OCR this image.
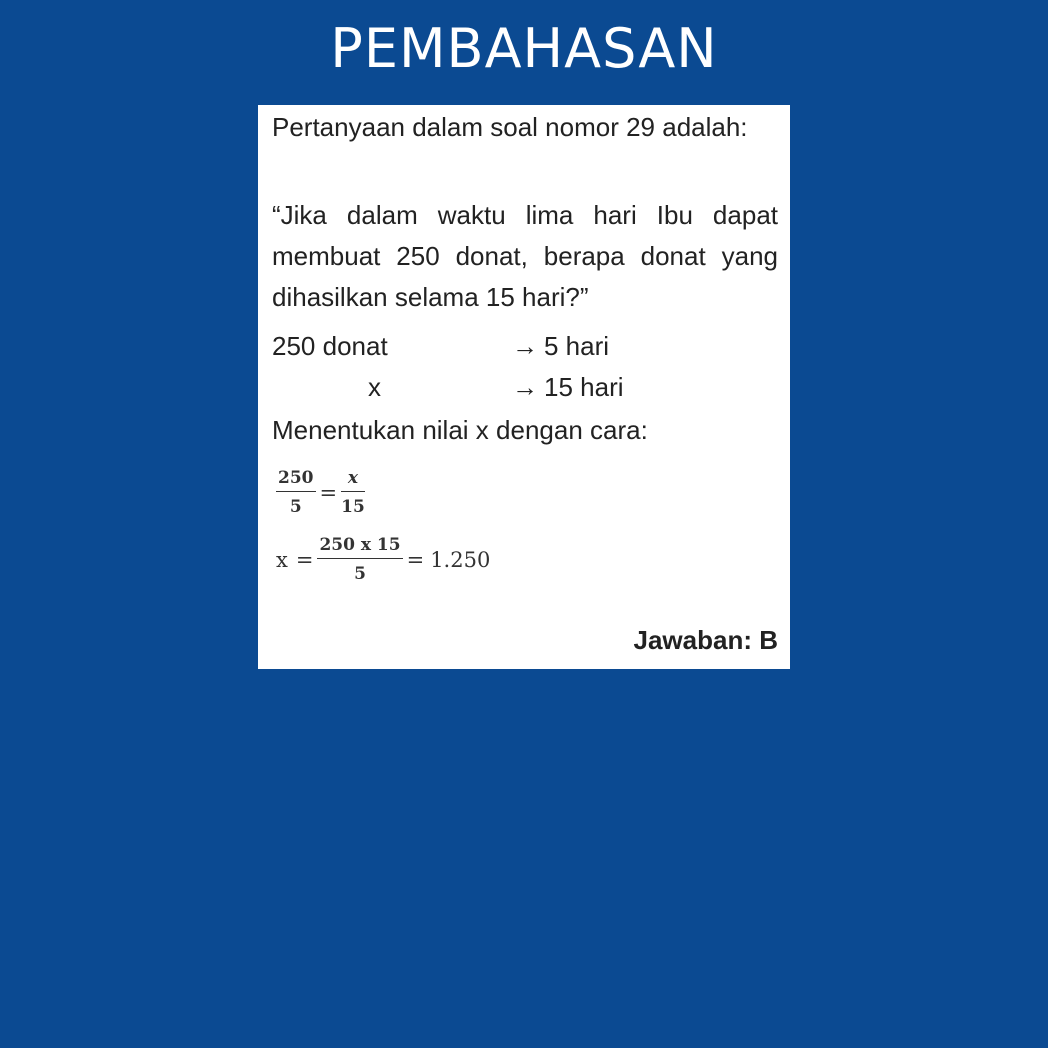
PEMBAHASAN
Pertanyaan dalam soal nomor 29 adalah:
“Jika dalam waktu lima hari Ibu dapat membuat 250 donat, berapa donat yang dihasilkan selama 15 hari?”
250 donat	→ 5 hari
x	→ 15 hari
Menentukan nilai x dengan cara:
$\frac{250}{5} = \frac{x}{15}$
$x = \frac{250 x 15}{5} = 1.250$
Jawaban: B
